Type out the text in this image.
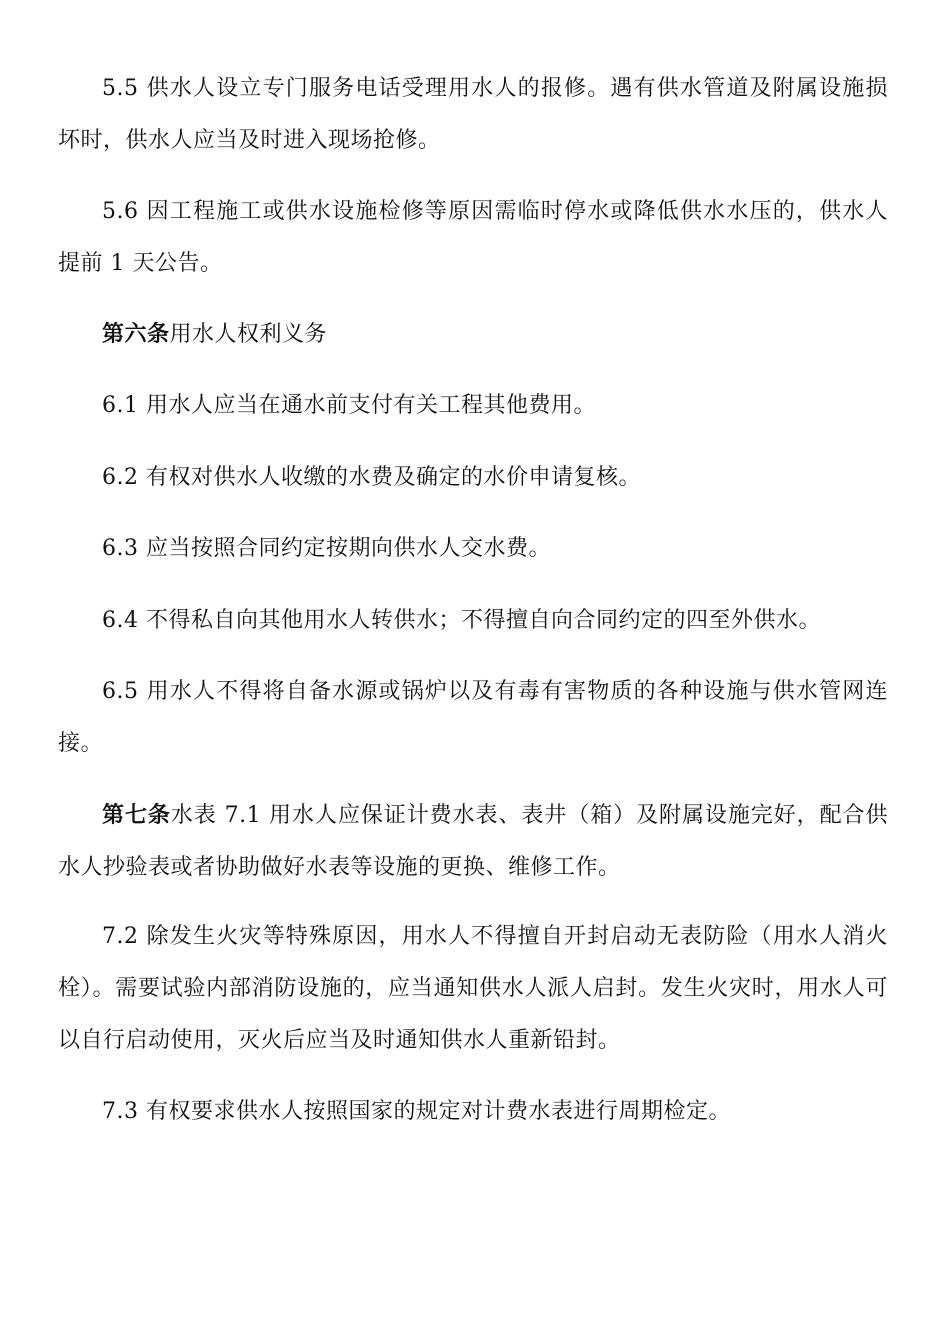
5.5 供水人设立专门服务电话受理用水人的报修。遇有供水管道及附属设施损坏时，供水人应当及时进入现场抢修。

5.6 因工程施工或供水设施检修等原因需临时停水或降低供水水压的，供水人提前 1 天公告。

第六条用水人权利义务

6.1 用水人应当在通水前支付有关工程其他费用。

6.2 有权对供水人收缴的水费及确定的水价申请复核。

6.3 应当按照合同约定按期向供水人交水费。

6.4 不得私自向其他用水人转供水；不得擅自向合同约定的四至外供水。

6.5 用水人不得将自备水源或锅炉以及有毒有害物质的各种设施与供水管网连接。

第七条水表 7.1 用水人应保证计费水表、表井（箱）及附属设施完好，配合供水人抄验表或者协助做好水表等设施的更换、维修工作。

7.2 除发生火灾等特殊原因，用水人不得擅自开封启动无表防险（用水人消火栓）。需要试验内部消防设施的，应当通知供水人派人启封。发生火灾时，用水人可以自行启动使用，灭火后应当及时通知供水人重新铅封。

7.3 有权要求供水人按照国家的规定对计费水表进行周期检定。
